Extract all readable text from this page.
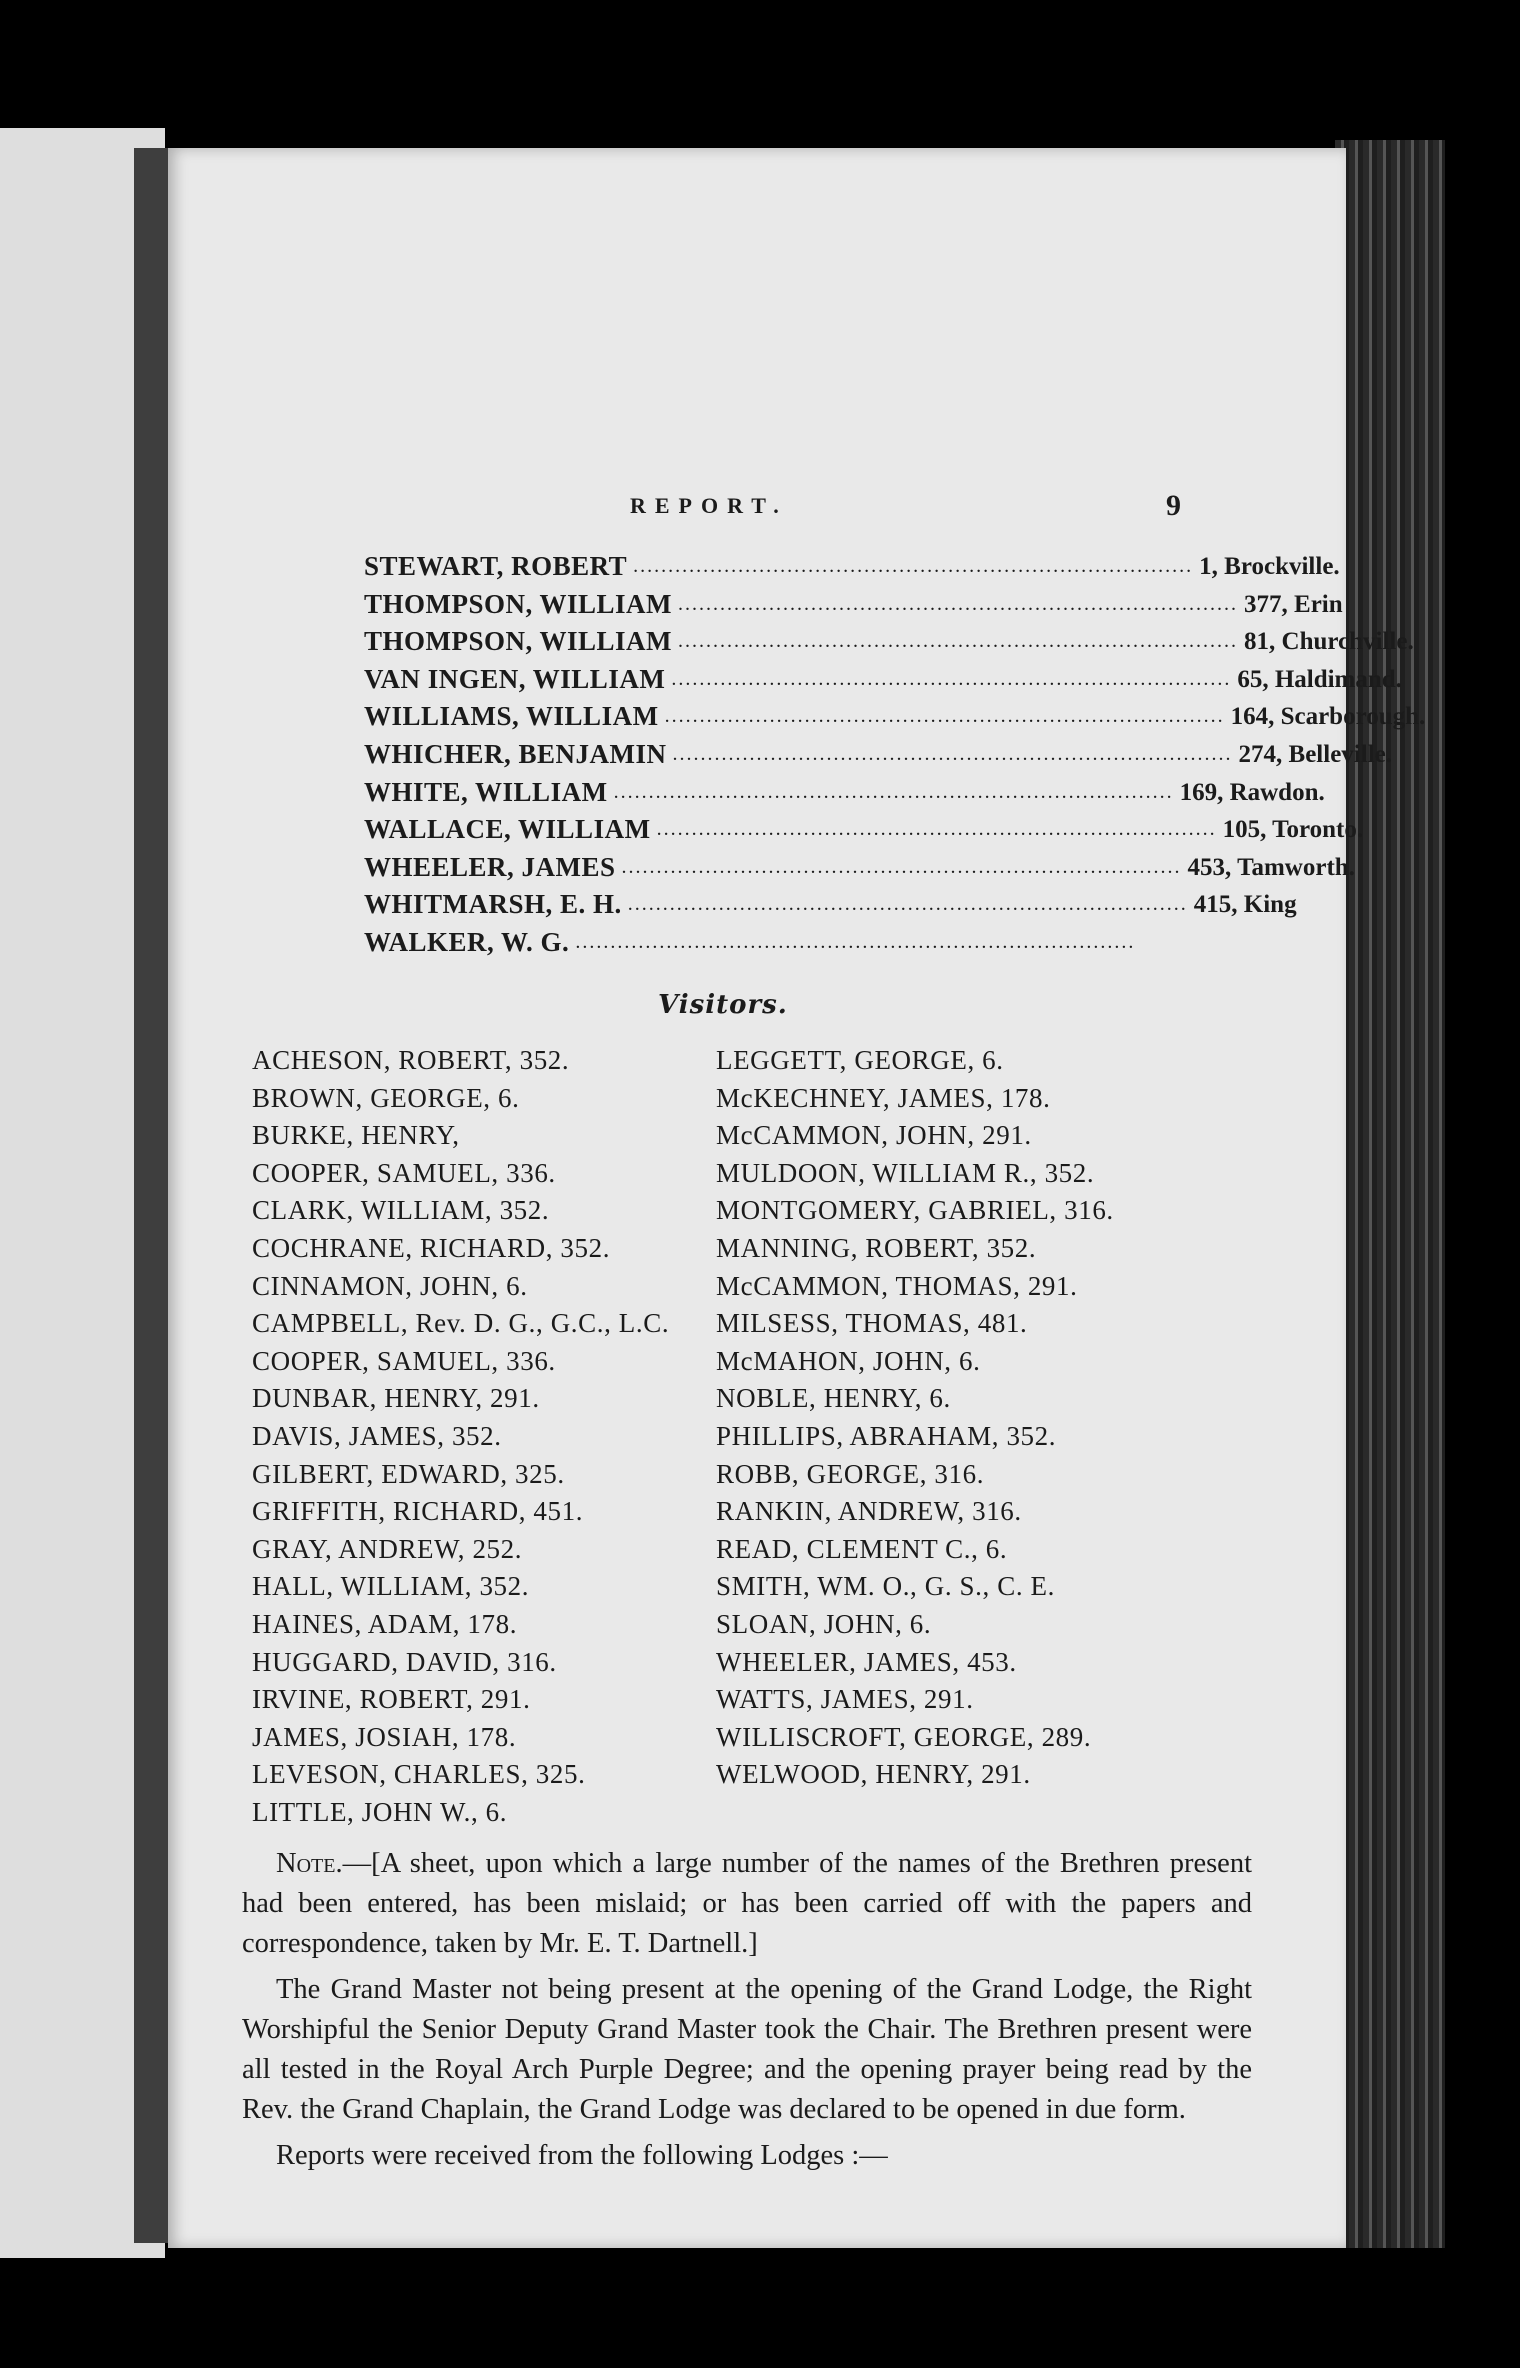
REPORT.	9
STEWART, ROBERT ................................................................................ 1, Brockville.
THOMPSON, WILLIAM ................................................................................ 377, Erin
THOMPSON, WILLIAM ................................................................................ 81, Churchville.
VAN INGEN, WILLIAM ................................................................................ 65, Haldimand.
WILLIAMS, WILLIAM ................................................................................ 164, Scarborough.
WHICHER, BENJAMIN ................................................................................ 274, Belleville.
WHITE, WILLIAM ................................................................................ 169, Rawdon.
WALLACE, WILLIAM ................................................................................ 105, Toronto.
WHEELER, JAMES ................................................................................ 453, Tamworth.
WHITMARSH, E. H. ................................................................................ 415, King
WALKER, W. G. ................................................................................
Visitors.
ACHESON, ROBERT, 352.
BROWN, GEORGE, 6.
BURKE, HENRY,
COOPER, SAMUEL, 336.
CLARK, WILLIAM, 352.
COCHRANE, RICHARD, 352.
CINNAMON, JOHN, 6.
CAMPBELL, Rev. D. G., G.C., L.C.
COOPER, SAMUEL, 336.
DUNBAR, HENRY, 291.
DAVIS, JAMES, 352.
GILBERT, EDWARD, 325.
GRIFFITH, RICHARD, 451.
GRAY, ANDREW, 252.
HALL, WILLIAM, 352.
HAINES, ADAM, 178.
HUGGARD, DAVID, 316.
IRVINE, ROBERT, 291.
JAMES, JOSIAH, 178.
LEVESON, CHARLES, 325.
LITTLE, JOHN W., 6.
LEGGETT, GEORGE, 6.
McKECHNEY, JAMES, 178.
McCAMMON, JOHN, 291.
MULDOON, WILLIAM R., 352.
MONTGOMERY, GABRIEL, 316.
MANNING, ROBERT, 352.
McCAMMON, THOMAS, 291.
MILSESS, THOMAS, 481.
McMAHON, JOHN, 6.
NOBLE, HENRY, 6.
PHILLIPS, ABRAHAM, 352.
ROBB, GEORGE, 316.
RANKIN, ANDREW, 316.
READ, CLEMENT C., 6.
SMITH, WM. O., G. S., C. E.
SLOAN, JOHN, 6.
WHEELER, JAMES, 453.
WATTS, JAMES, 291.
WILLISCROFT, GEORGE, 289.
WELWOOD, HENRY, 291.

Note.—[A sheet, upon which a large number of the names of the Brethren present had been entered, has been mislaid; or has been carried off with the papers and correspondence, taken by Mr. E. T. Dartnell.]

The Grand Master not being present at the opening of the Grand Lodge, the Right Worshipful the Senior Deputy Grand Master took the Chair. The Brethren present were all tested in the Royal Arch Purple Degree; and the opening prayer being read by the Rev. the Grand Chaplain, the Grand Lodge was declared to be opened in due form.

Reports were received from the following Lodges :—
